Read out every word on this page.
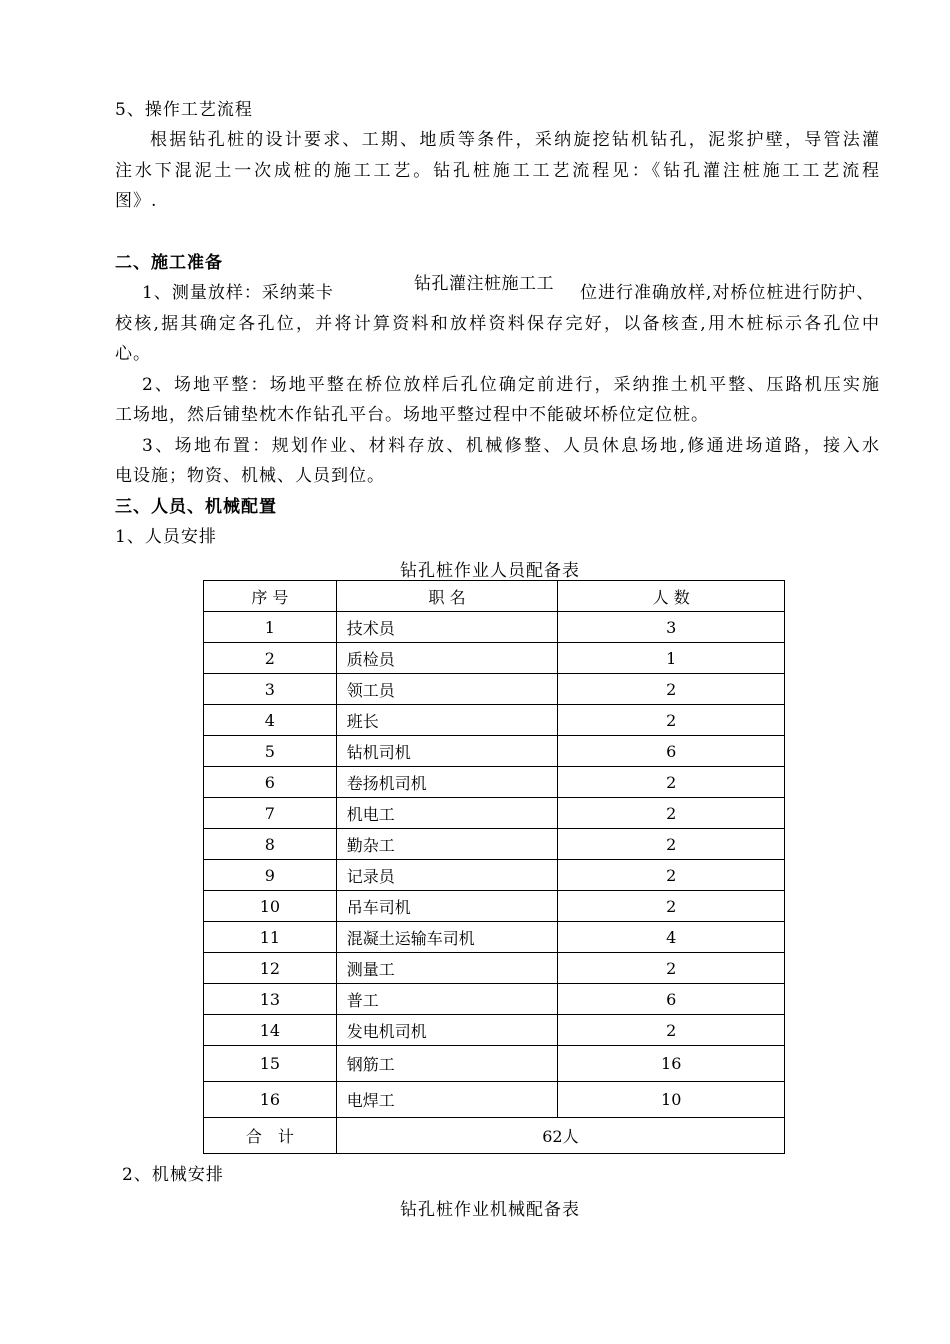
5、操作工艺流程
根据钻孔桩的设计要求、工期、地质等条件，采纳旋挖钻机钻孔，泥浆护壁，导管法灌
注水下混泥土一次成桩的施工工艺。钻孔桩施工工艺流程见：《钻孔灌注桩施工工艺流程
图》.
二、施工准备
1、测量放样：采纳莱卡	位进行准确放样,对桥位桩进行防护、
钻孔灌注桩施工工
校核,据其确定各孔位，并将计算资料和放样资料保存完好，以备核查,用木桩标示各孔位中
心。
2、场地平整：场地平整在桥位放样后孔位确定前进行，采纳推土机平整、压路机压实施
工场地，然后铺垫枕木作钻孔平台。场地平整过程中不能破坏桥位定位桩。
3、场地布置：规划作业、材料存放、机械修整、人员休息场地,修通进场道路，接入水
电设施；物资、机械、人员到位。
三、人员、机械配置
1、人员安排
钻孔桩作业人员配备表
序 号	职 名	人 数
1	技术员	3
2	质检员	1
3	领工员	2
4	班长	2
5	钻机司机	6
6	卷扬机司机	2
7	机电工	2
8	勤杂工	2
9	记录员	2
10	吊车司机	2
11	混凝土运输车司机	4
12	测量工	2
13	普工	6
14	发电机司机	2
15	钢筋工	16
16	电焊工	10
合　计	62人	
2、机械安排
钻孔桩作业机械配备表
